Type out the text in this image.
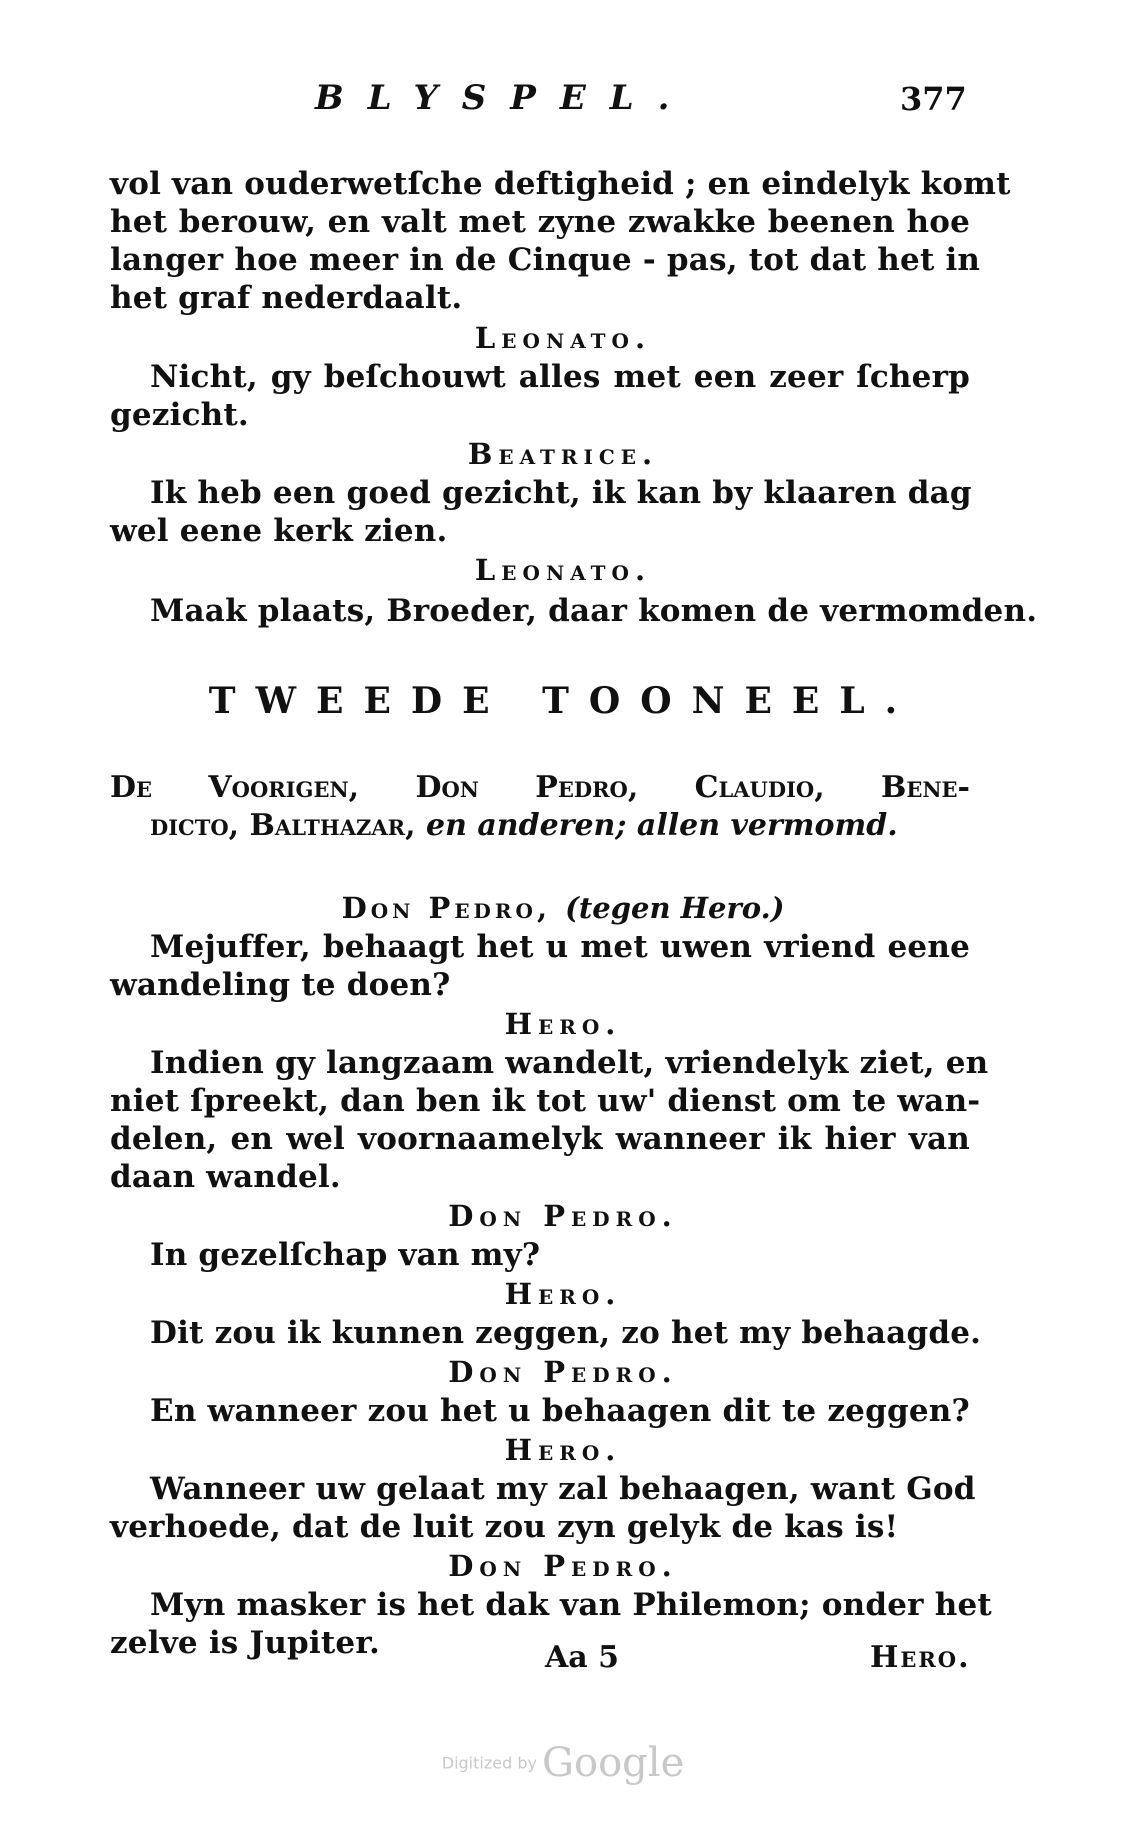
BLYSPEL.	377
vol van ouderwetſche deftigheid ; en eindelyk komt
het berouw, en valt met zyne zwakke beenen hoe
langer hoe meer in de Cinque - pas, tot dat het in
het graf nederdaalt.
Leonato.
Nicht, gy beſchouwt alles met een zeer ſcherp
gezicht.
Beatrice.
Ik heb een goed gezicht, ik kan by klaaren dag
wel eene kerk zien.
Leonato.
Maak plaats, Broeder, daar komen de vermomden.
TWEEDE TOONEEL.
De Voorigen, Don Pedro, Claudio, Bene-
dicto, Balthazar, en anderen; allen vermomd.
Don Pedro, (tegen Hero.)
Mejuffer, behaagt het u met uwen vriend eene
wandeling te doen?
Hero.
Indien gy langzaam wandelt, vriendelyk ziet, en
niet ſpreekt, dan ben ik tot uw' dienst om te wan-
delen, en wel voornaamelyk wanneer ik hier van
daan wandel.
Don Pedro.
In gezelſchap van my?
Hero.
Dit zou ik kunnen zeggen, zo het my behaagde.
Don Pedro.
En wanneer zou het u behaagen dit te zeggen?
Hero.
Wanneer uw gelaat my zal behaagen, want God
verhoede, dat de luit zou zyn gelyk de kas is!
Don Pedro.
Myn masker is het dak van Philemon; onder het
zelve is Jupiter.	Aa 5	Hero.
Digitized by Google
